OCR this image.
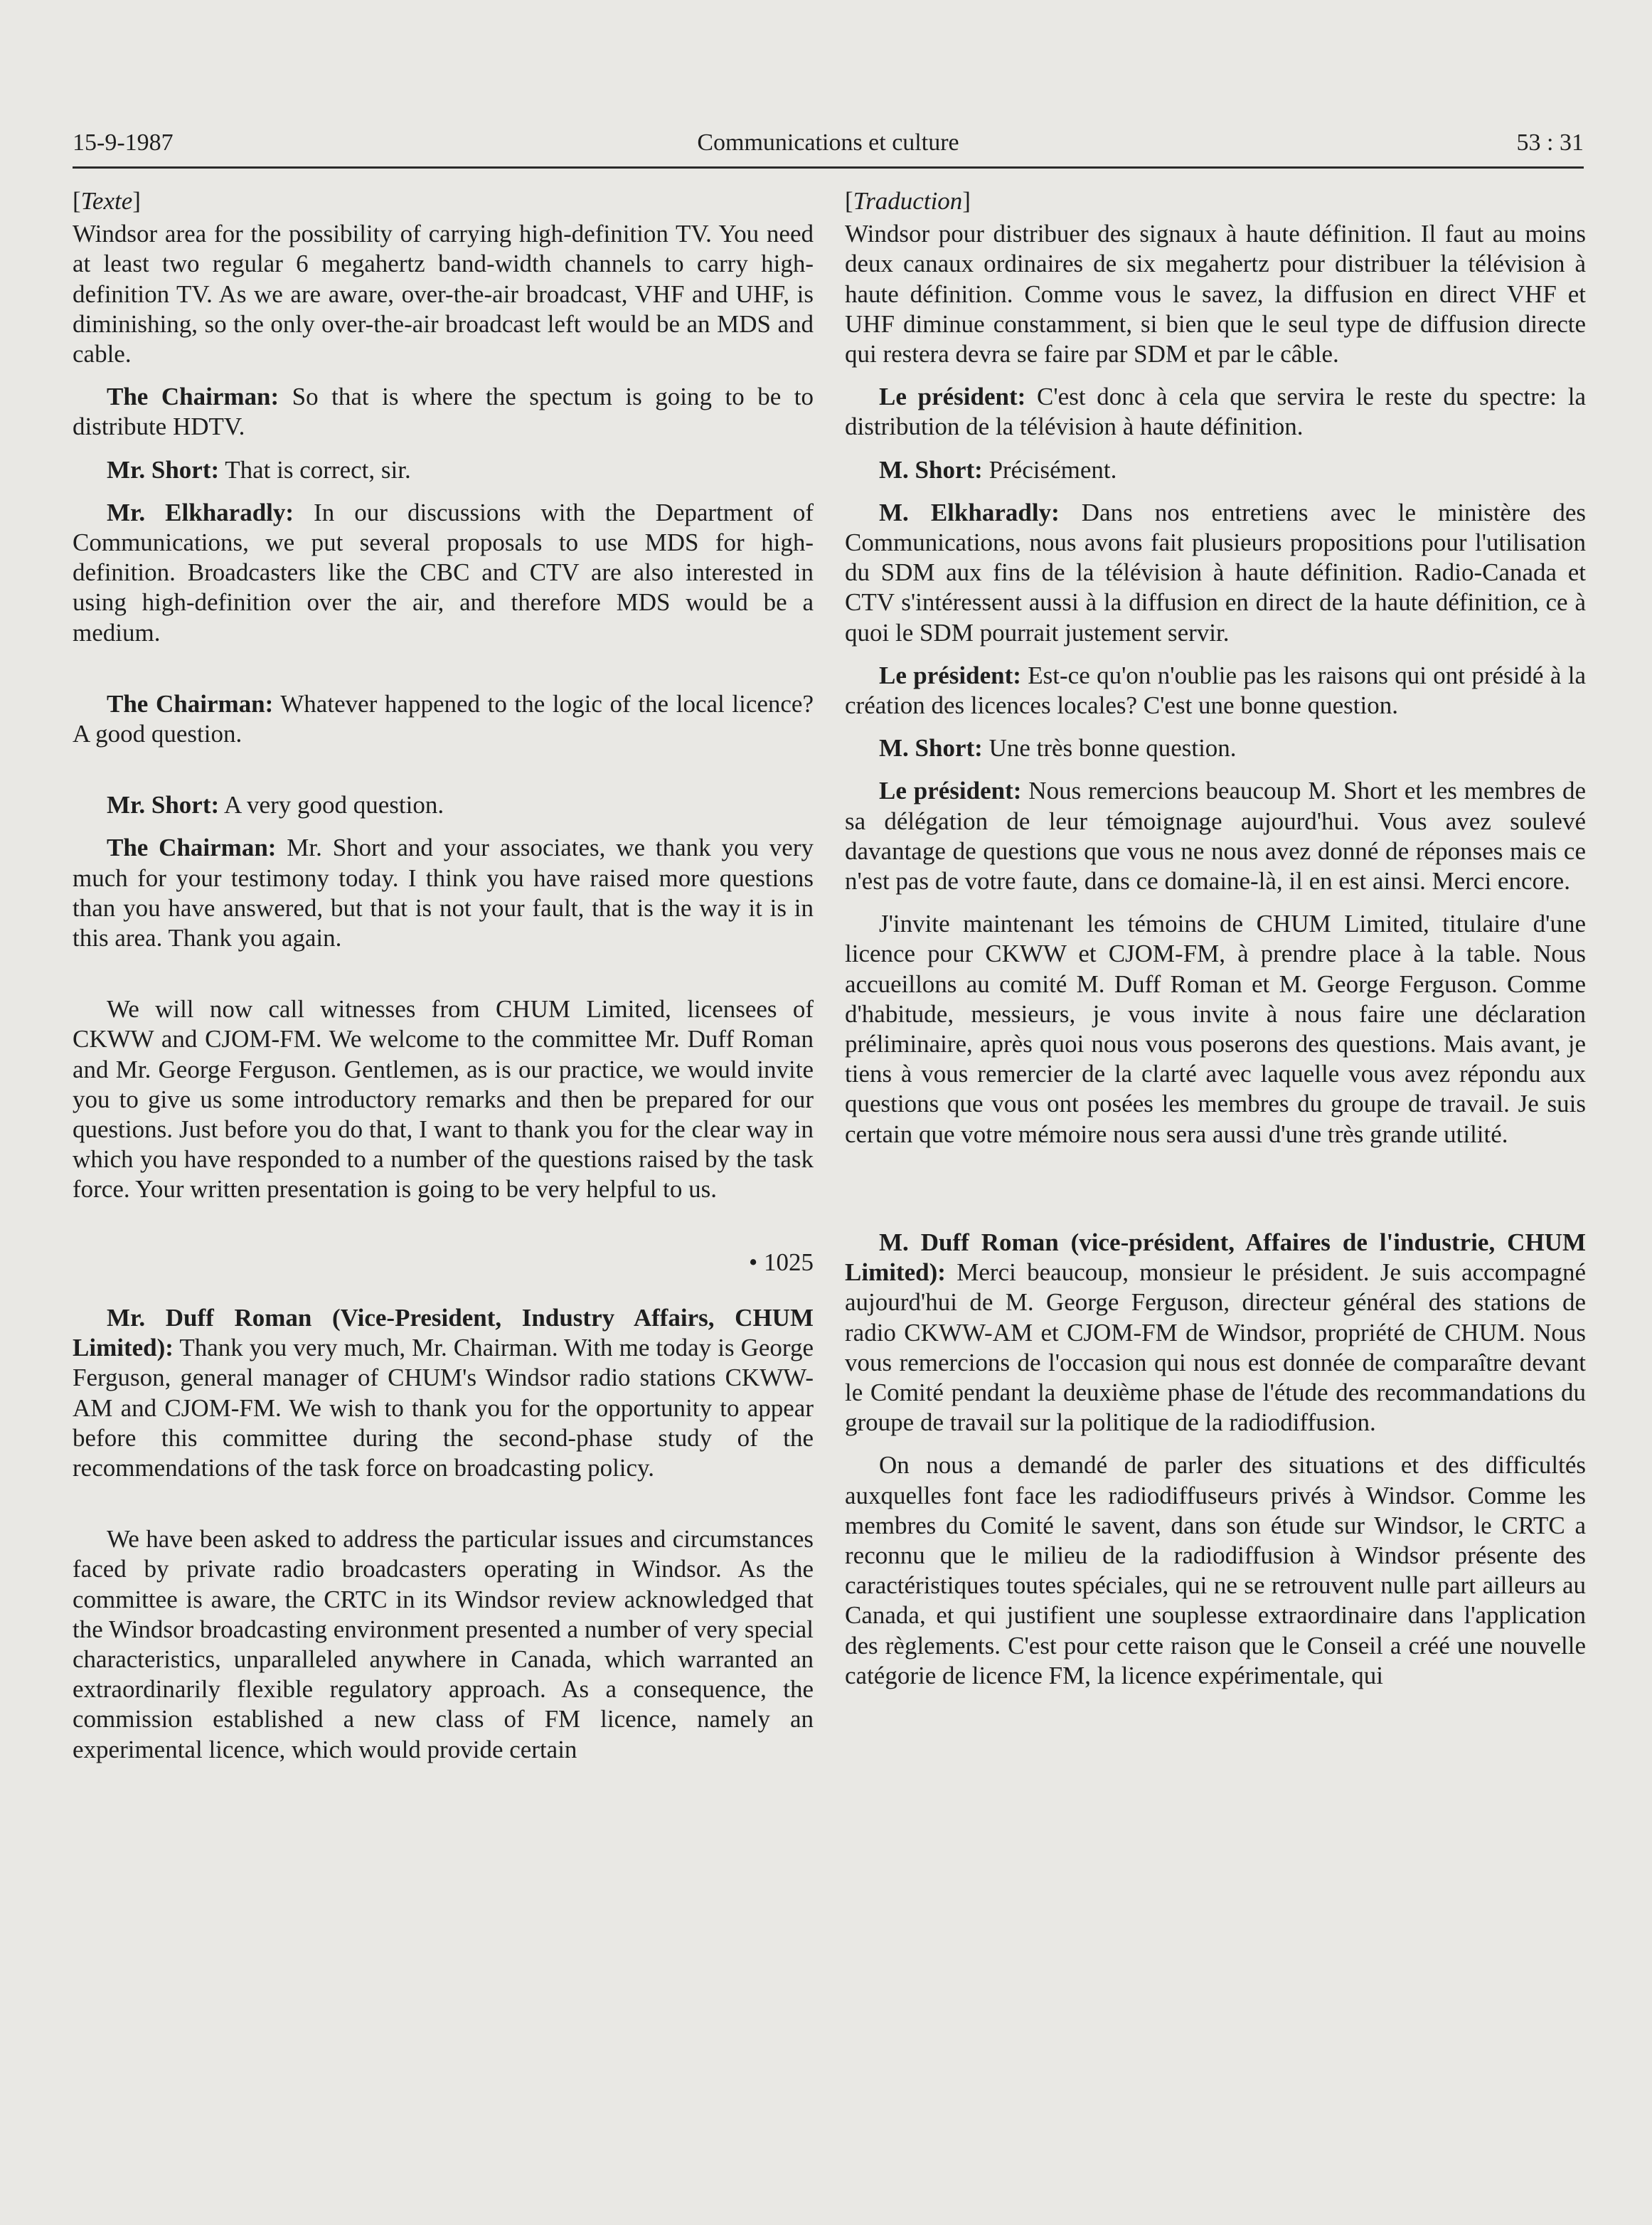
15-9-1987	Communications et culture	53 : 31
[ Texte ]

Windsor area for the possibility of carrying high-definition TV. You need at least two regular 6 megahertz band-width channels to carry high-definition TV. As we are aware, over-the-air broadcast, VHF and UHF, is diminishing, so the only over-the-air broadcast left would be an MDS and cable.

The Chairman: So that is where the spectum is going to be to distribute HDTV.

Mr. Short: That is correct, sir.

Mr. Elkharadly: In our discussions with the Department of Communications, we put several proposals to use MDS for high-definition. Broadcasters like the CBC and CTV are also interested in using high-definition over the air, and therefore MDS would be a medium.

The Chairman: Whatever happened to the logic of the local licence? A good question.

Mr. Short: A very good question.

The Chairman: Mr. Short and your associates, we thank you very much for your testimony today. I think you have raised more questions than you have answered, but that is not your fault, that is the way it is in this area. Thank you again.

We will now call witnesses from CHUM Limited, licensees of CKWW and CJOM-FM. We welcome to the committee Mr. Duff Roman and Mr. George Ferguson. Gentlemen, as is our practice, we would invite you to give us some introductory remarks and then be prepared for our questions. Just before you do that, I want to thank you for the clear way in which you have responded to a number of the questions raised by the task force. Your written presentation is going to be very helpful to us.

• 1025

Mr. Duff Roman (Vice-President, Industry Affairs, CHUM Limited): Thank you very much, Mr. Chairman. With me today is George Ferguson, general manager of CHUM's Windsor radio stations CKWW-AM and CJOM-FM. We wish to thank you for the opportunity to appear before this committee during the second-phase study of the recommendations of the task force on broadcasting policy.

We have been asked to address the particular issues and circumstances faced by private radio broadcasters operating in Windsor. As the committee is aware, the CRTC in its Windsor review acknowledged that the Windsor broadcasting environment presented a number of very special characteristics, unparalleled anywhere in Canada, which warranted an extraordinarily flexible regulatory approach. As a consequence, the commission established a new class of FM licence, namely an experimental licence, which would provide certain

[ Traduction ]

Windsor pour distribuer des signaux à haute définition. Il faut au moins deux canaux ordinaires de six megahertz pour distribuer la télévision à haute définition. Comme vous le savez, la diffusion en direct VHF et UHF diminue constamment, si bien que le seul type de diffusion directe qui restera devra se faire par SDM et par le câble.

Le président: C'est donc à cela que servira le reste du spectre: la distribution de la télévision à haute définition.

M. Short: Précisément.

M. Elkharadly: Dans nos entretiens avec le ministère des Communications, nous avons fait plusieurs propositions pour l'utilisation du SDM aux fins de la télévision à haute définition. Radio-Canada et CTV s'intéressent aussi à la diffusion en direct de la haute définition, ce à quoi le SDM pourrait justement servir.

Le président: Est-ce qu'on n'oublie pas les raisons qui ont présidé à la création des licences locales? C'est une bonne question.

M. Short: Une très bonne question.

Le président: Nous remercions beaucoup M. Short et les membres de sa délégation de leur témoignage aujourd'hui. Vous avez soulevé davantage de questions que vous ne nous avez donné de réponses mais ce n'est pas de votre faute, dans ce domaine-là, il en est ainsi. Merci encore.

J'invite maintenant les témoins de CHUM Limited, titulaire d'une licence pour CKWW et CJOM-FM, à prendre place à la table. Nous accueillons au comité M. Duff Roman et M. George Ferguson. Comme d'habitude, messieurs, je vous invite à nous faire une déclaration préliminaire, après quoi nous vous poserons des questions. Mais avant, je tiens à vous remercier de la clarté avec laquelle vous avez répondu aux questions que vous ont posées les membres du groupe de travail. Je suis certain que votre mémoire nous sera aussi d'une très grande utilité.

M. Duff Roman (vice-président, Affaires de l'industrie, CHUM Limited): Merci beaucoup, monsieur le président. Je suis accompagné aujourd'hui de M. George Ferguson, directeur général des stations de radio CKWW-AM et CJOM-FM de Windsor, propriété de CHUM. Nous vous remercions de l'occasion qui nous est donnée de comparaître devant le Comité pendant la deuxième phase de l'étude des recommandations du groupe de travail sur la politique de la radiodiffusion.

On nous a demandé de parler des situations et des difficultés auxquelles font face les radiodiffuseurs privés à Windsor. Comme les membres du Comité le savent, dans son étude sur Windsor, le CRTC a reconnu que le milieu de la radiodiffusion à Windsor présente des caractéristiques toutes spéciales, qui ne se retrouvent nulle part ailleurs au Canada, et qui justifient une souplesse extraordinaire dans l'application des règlements. C'est pour cette raison que le Conseil a créé une nouvelle catégorie de licence FM, la licence expérimentale, qui
